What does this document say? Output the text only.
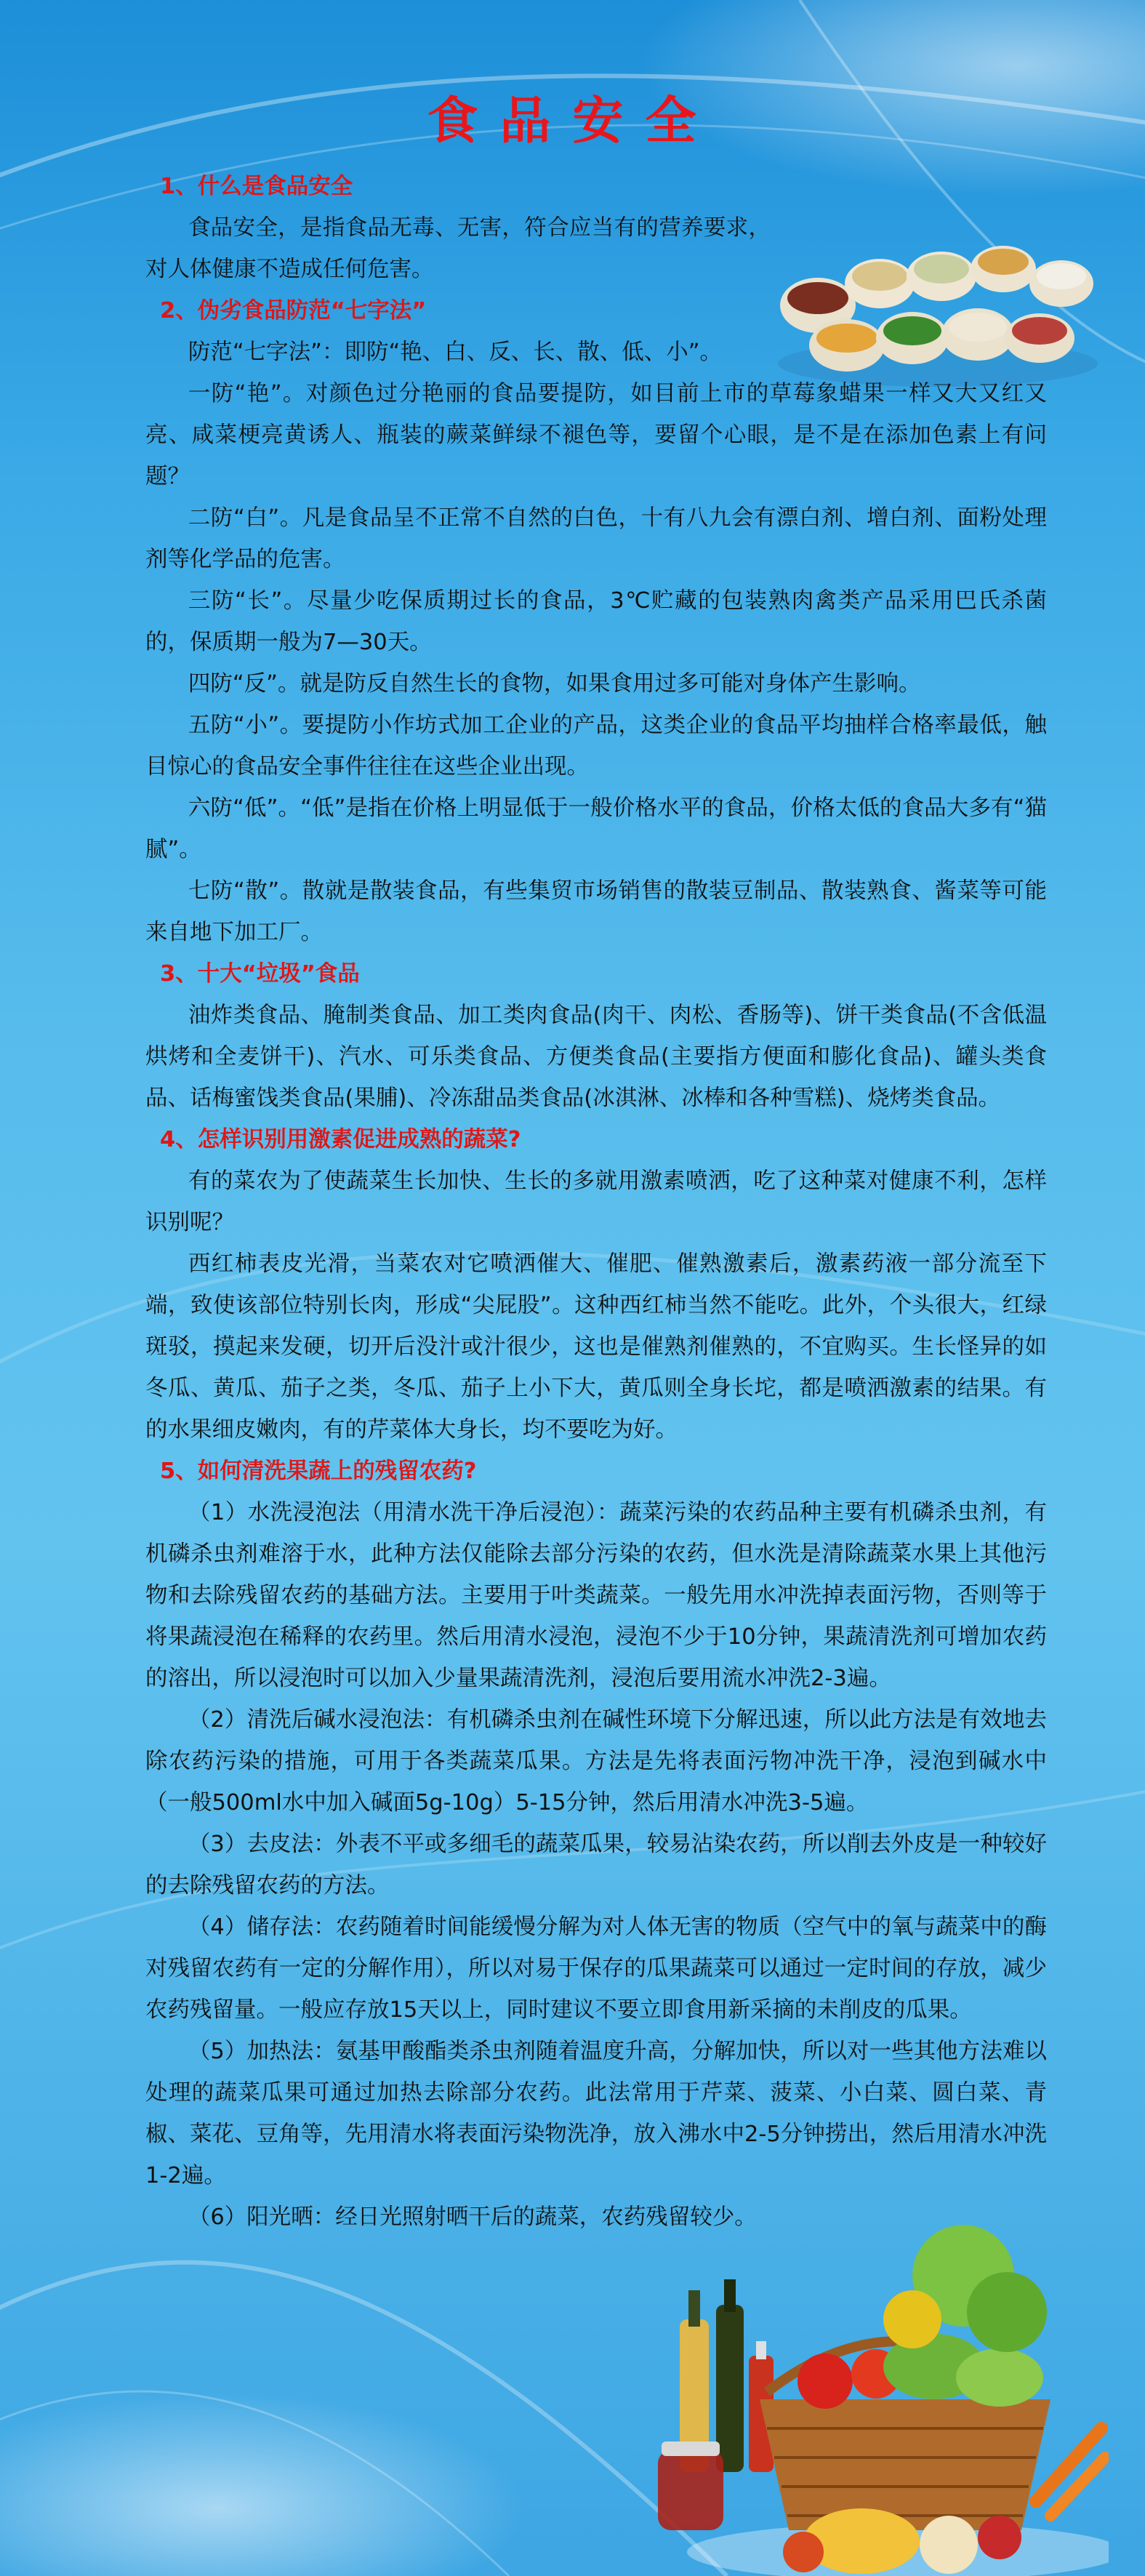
食品安全

1、什么是食品安全

食品安全，是指食品无毒、无害，符合应当有的营养要求，对人体健康不造成任何危害。

2、伪劣食品防范“七字法”

防范“七字法”：即防“艳、白、反、长、散、低、小”。

一防“艳”。对颜色过分艳丽的食品要提防，如目前上市的草莓象蜡果一样又大又红又亮、咸菜梗亮黄诱人、瓶装的蕨菜鲜绿不褪色等，要留个心眼，是不是在添加色素上有问题？

二防“白”。凡是食品呈不正常不自然的白色，十有八九会有漂白剂、增白剂、面粉处理剂等化学品的危害。

三防“长”。尽量少吃保质期过长的食品，3℃贮藏的包装熟肉禽类产品采用巴氏杀菌的，保质期一般为7—30天。

四防“反”。就是防反自然生长的食物，如果食用过多可能对身体产生影响。

五防“小”。要提防小作坊式加工企业的产品，这类企业的食品平均抽样合格率最低，触目惊心的食品安全事件往往在这些企业出现。

六防“低”。“低”是指在价格上明显低于一般价格水平的食品，价格太低的食品大多有“猫腻”。

七防“散”。散就是散装食品，有些集贸市场销售的散装豆制品、散装熟食、酱菜等可能来自地下加工厂。

3、十大“垃圾”食品

油炸类食品、腌制类食品、加工类肉食品(肉干、肉松、香肠等)、饼干类食品(不含低温烘烤和全麦饼干)、汽水、可乐类食品、方便类食品(主要指方便面和膨化食品)、罐头类食品、话梅蜜饯类食品(果脯)、冷冻甜品类食品(冰淇淋、冰棒和各种雪糕)、烧烤类食品。

4、怎样识别用激素促进成熟的蔬菜?

有的菜农为了使蔬菜生长加快、生长的多就用激素喷洒，吃了这种菜对健康不利，怎样识别呢？

西红柿表皮光滑，当菜农对它喷洒催大、催肥、催熟激素后，激素药液一部分流至下端，致使该部位特别长肉，形成“尖屁股”。这种西红柿当然不能吃。此外，个头很大，红绿斑驳，摸起来发硬，切开后没汁或汁很少，这也是催熟剂催熟的，不宜购买。生长怪异的如冬瓜、黄瓜、茄子之类，冬瓜、茄子上小下大，黄瓜则全身长坨，都是喷洒激素的结果。有的水果细皮嫩肉，有的芹菜体大身长，均不要吃为好。

5、如何清洗果蔬上的残留农药?

（1）水洗浸泡法（用清水洗干净后浸泡）：蔬菜污染的农药品种主要有机磷杀虫剂，有机磷杀虫剂难溶于水，此种方法仅能除去部分污染的农药，但水洗是清除蔬菜水果上其他污物和去除残留农药的基础方法。主要用于叶类蔬菜。一般先用水冲洗掉表面污物，否则等于将果蔬浸泡在稀释的农药里。然后用清水浸泡，浸泡不少于10分钟，果蔬清洗剂可增加农药的溶出，所以浸泡时可以加入少量果蔬清洗剂，浸泡后要用流水冲洗2-3遍。

（2）清洗后碱水浸泡法：有机磷杀虫剂在碱性环境下分解迅速，所以此方法是有效地去除农药污染的措施，可用于各类蔬菜瓜果。方法是先将表面污物冲洗干净，浸泡到碱水中（一般500ml水中加入碱面5g-10g）5-15分钟，然后用清水冲洗3-5遍。

（3）去皮法：外表不平或多细毛的蔬菜瓜果，较易沾染农药，所以削去外皮是一种较好的去除残留农药的方法。

（4）储存法：农药随着时间能缓慢分解为对人体无害的物质（空气中的氧与蔬菜中的酶对残留农药有一定的分解作用），所以对易于保存的瓜果蔬菜可以通过一定时间的存放，减少农药残留量。一般应存放15天以上，同时建议不要立即食用新采摘的未削皮的瓜果。

（5）加热法：氨基甲酸酯类杀虫剂随着温度升高，分解加快，所以对一些其他方法难以处理的蔬菜瓜果可通过加热去除部分农药。此法常用于芹菜、菠菜、小白菜、圆白菜、青椒、菜花、豆角等，先用清水将表面污染物洗净，放入沸水中2-5分钟捞出，然后用清水冲洗1-2遍。

（6）阳光晒：经日光照射晒干后的蔬菜，农药残留较少。
